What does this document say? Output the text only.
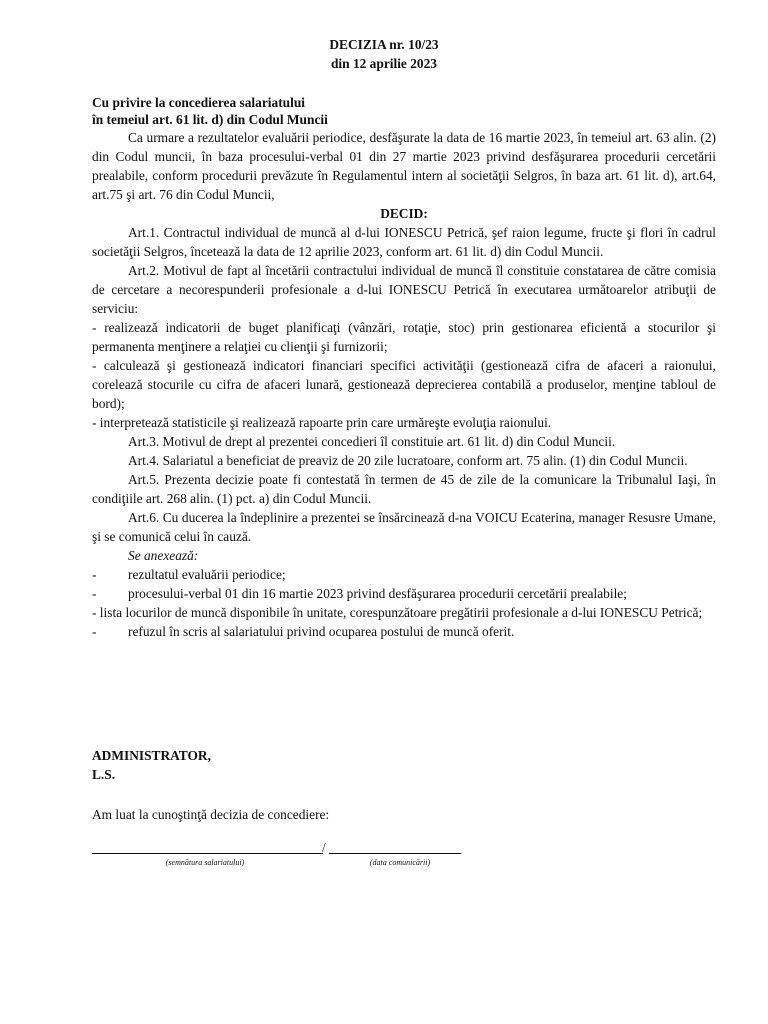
DECIZIA nr. 10/23
din 12 aprilie 2023
Cu privire la concedierea salariatului
în temeiul art. 61 lit. d) din Codul Muncii

Ca urmare a rezultatelor evaluării periodice, desfăşurate la data de 16 martie 2023, în temeiul art. 63 alin. (2) din Codul muncii, în baza procesului-verbal 01 din 27 martie 2023 privind desfăşurarea procedurii cercetării prealabile, conform procedurii prevăzute în Regulamentul intern al societăţii Selgros, în baza art. 61 lit. d), art.64, art.75 şi art. 76 din Codul Muncii,

DECID:

Art.1. Contractul individual de muncă al d-lui IONESCU Petrică, şef raion legume, fructe şi flori în cadrul societăţii Selgros, încetează la data de 12 aprilie 2023, conform art. 61 lit. d) din Codul Muncii.

Art.2. Motivul de fapt al încetării contractului individual de muncă îl constituie constatarea de către comisia de cercetare a necorespunderii profesionale a d-lui IONESCU Petrică în executarea următoarelor atribuţii de serviciu:

- realizează indicatorii de buget planificaţi (vânzări, rotaţie, stoc) prin gestionarea eficientă a stocurilor şi permanenta menţinere a relaţiei cu clienţii şi furnizorii;

- calculează şi gestionează indicatori financiari specifici activităţii (gestionează cifra de afaceri a raionului, corelează stocurile cu cifra de afaceri lunară, gestionează deprecierea contabilă a produselor, menţine tabloul de bord);

- interpretează statisticile şi realizează rapoarte prin care urmăreşte evoluţia raionului.

Art.3. Motivul de drept al prezentei concedieri îl constituie art. 61 lit. d) din Codul Muncii.

Art.4. Salariatul a beneficiat de preaviz de 20 zile lucratoare, conform art. 75 alin. (1) din Codul Muncii.

Art.5. Prezenta decizie poate fi contestată în termen de 45 de zile de la comunicare la Tribunalul Iaşi, în condiţiile art. 268 alin. (1) pct. a) din Codul Muncii.

Art.6. Cu ducerea la îndeplinire a prezentei se însărcinează d-na VOICU Ecaterina, manager Resusre Umane, şi se comunică celui în cauză.

Se anexează:

-	rezultatul evaluării periodice;
-	procesului-verbal 01 din 16 martie 2023 privind desfăşurarea procedurii cercetării prealabile;

- lista locurilor de muncă disponibile în unitate, corespunzătoare pregătirii profesionale a d-lui IONESCU Petrică;

-	refuzul în scris al salariatului privind ocuparea postului de muncă oferit.
ADMINISTRATOR,
L.S.
Am luat la cunoştinţă decizia de concediere:
/
(semnătura salariatului)	(data comunicării)
